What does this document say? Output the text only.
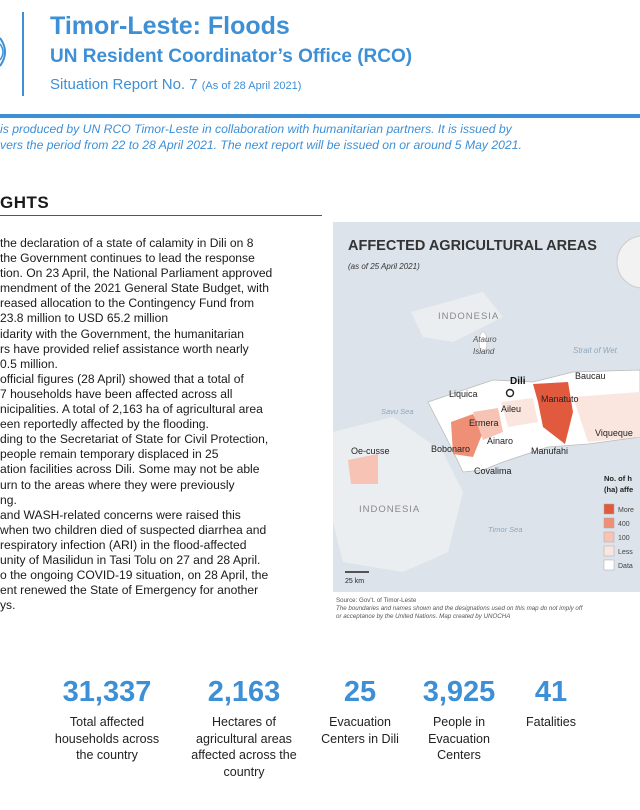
Timor-Leste: Floods
UN Resident Coordinator’s Office (RCO)
Situation Report No. 7 (As of 28 April 2021)
is produced by UN RCO Timor-Leste in collaboration with humanitarian partners. It is issued by
vers the period from 22 to 28 April 2021. The next report will be issued on or around 5 May 2021.
GHTS
the declaration of a state of calamity in Dili on 8
the Government continues to lead the response
tion. On 23 April, the National Parliament approved
mendment of the 2021 General State Budget, with
reased allocation to the Contingency Fund from
23.8 million to USD 65.2 million
idarity with the Government, the humanitarian
rs have provided relief assistance worth nearly
0.5 million.
official figures (28 April) showed that a total of
7 households have been affected across all
nicipalities. A total of 2,163 ha of agricultural area
een reportedly affected by the flooding.
ding to the Secretariat of State for Civil Protection,
people remain temporary displaced in 25
ation facilities across Dili. Some may not be able
urn to the areas where they were previously
ng.
and WASH-related concerns were raised this
when two children died of suspected diarrhea and
respiratory infection (ARI) in the flood-affected
unity of Masilidun in Tasi Tolu on 27 and 28 April.
o the ongoing COVID-19 situation, on 28 April, the
ent renewed the State of Emergency for another
ys.
AFFECTED AGRICULTURAL AREAS
(as of 25 April 2021)
INDONESIA
INDONESIA
Atauro
Island	Strait of Wet
Savu Sea
Timor Sea
Dili
Liquica
Aileu
Manatuto
Baucau
Ermera
Bobonaro
Ainaro
Manufahi
Viqueque
Covalima
Oe-cusse
25 km
No. of h
(ha) affe
More
400
100
Less
Data
Source: Gov't. of Timor-Leste
The boundaries and names shown and the designations used on this map do not imply off
or acceptance by the United Nations. Map created by UNOCHA
31,337
Total affected households across the country
2,163
Hectares of agricultural areas affected across the country
25
Evacuation Centers in Dili
3,925
People in Evacuation Centers
41
Fatalities
